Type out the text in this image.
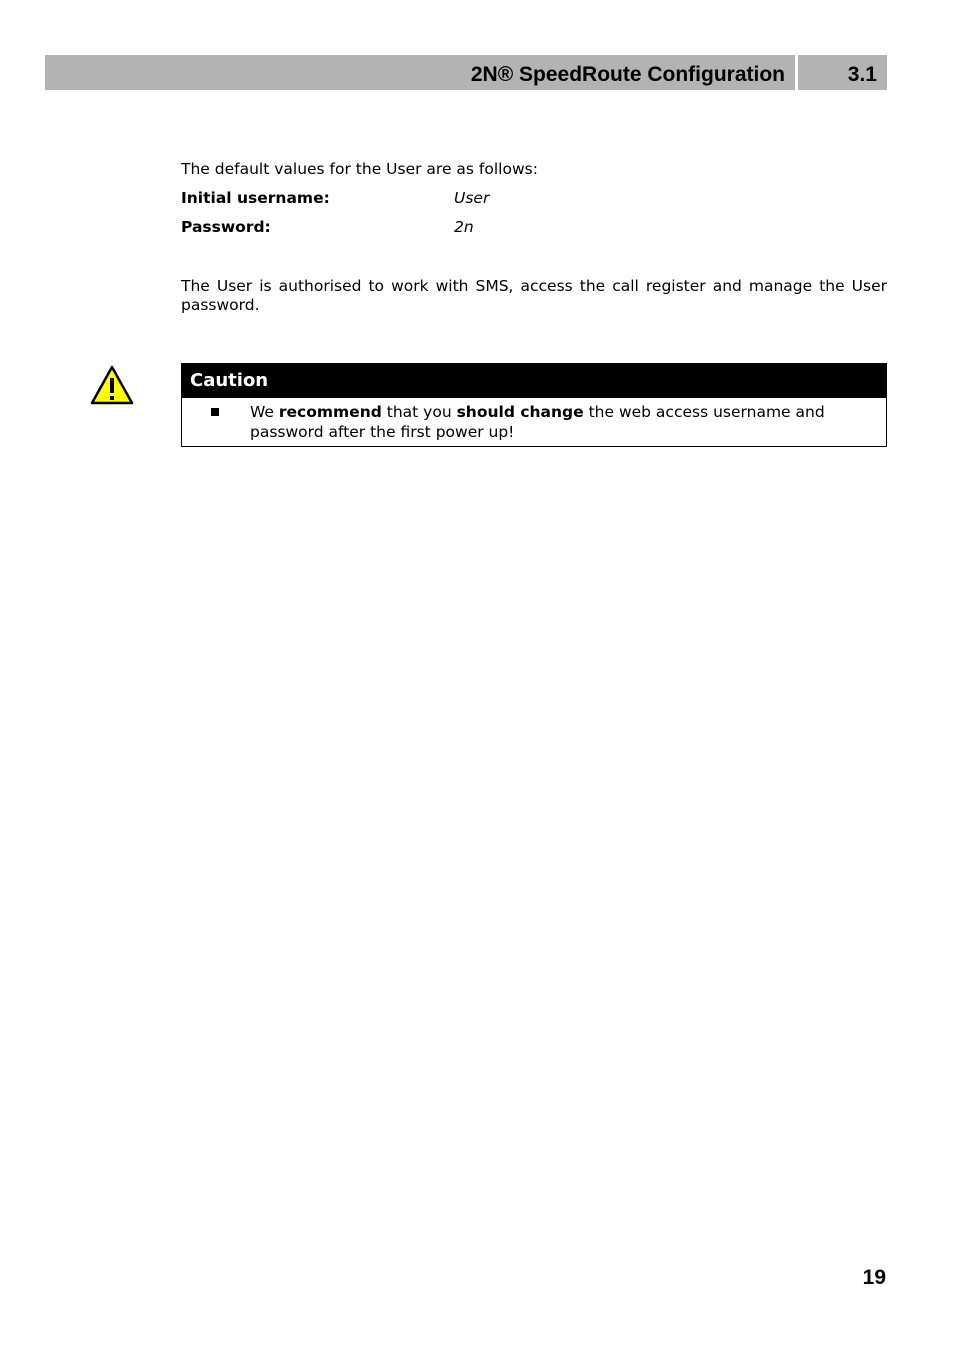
2N® SpeedRoute Configuration	3.1
The default values for the User are as follows:
Initial username:	User
Password:	2n
The User is authorised to work with SMS, access the call register and manage the User password.
Caution
We recommend that you should change the web access username and password after the first power up!
19
